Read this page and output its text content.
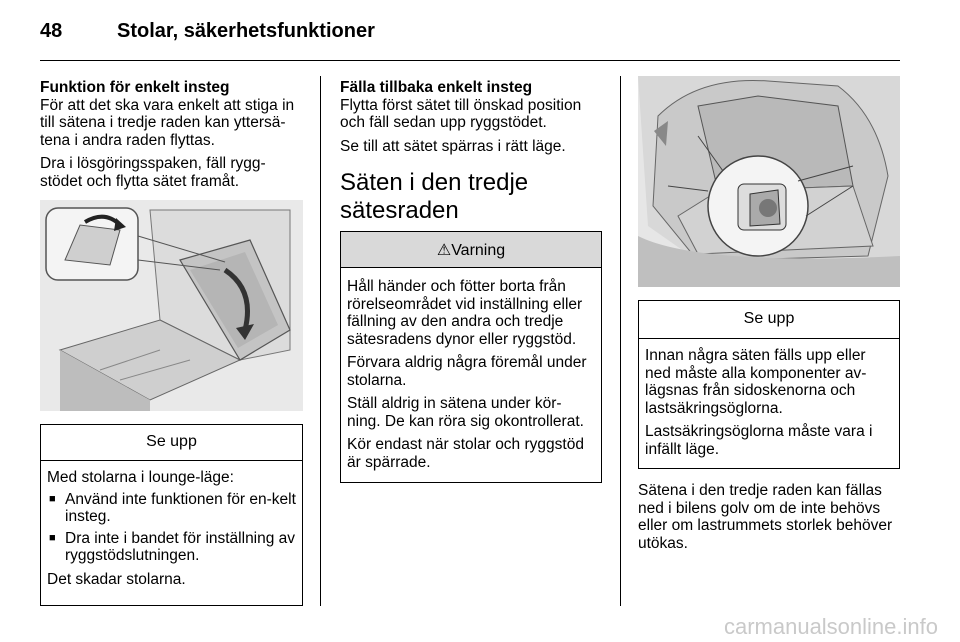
48	Stolar, säkerhetsfunktioner
Funktion för enkelt insteg

För att det ska vara enkelt att stiga in till sätena i tredje raden kan yttersä-tena i andra raden flyttas.

Dra i lösgöringsspaken, fäll rygg-stödet och flytta sätet framåt.

Se upp

Med stolarna i lounge-läge:

■ Använd inte funktionen för en-kelt insteg.
■ Dra inte i bandet för inställning av ryggstödslutningen.

Det skadar stolarna.

Fälla tillbaka enkelt insteg

Flytta först sätet till önskad position och fäll sedan upp ryggstödet.

Se till att sätet spärras i rätt läge.

Säten i den tredje sätesraden
⚠Varning

Håll händer och fötter borta från rörelseområdet vid inställning eller fällning av den andra och tredje sätesradens dynor eller ryggstöd.

Förvara aldrig några föremål under stolarna.

Ställ aldrig in sätena under kör-ning. De kan röra sig okontrollerat.

Kör endast när stolar och ryggstöd är spärrade.

Se upp

Innan några säten fälls upp eller ned måste alla komponenter av-lägsnas från sidoskenorna och lastsäkringsöglorna.

Lastsäkringsöglorna måste vara i infällt läge.

Sätena i den tredje raden kan fällas ned i bilens golv om de inte behövs eller om lastrummets storlek behöver utökas.

carmanualsonline.info
